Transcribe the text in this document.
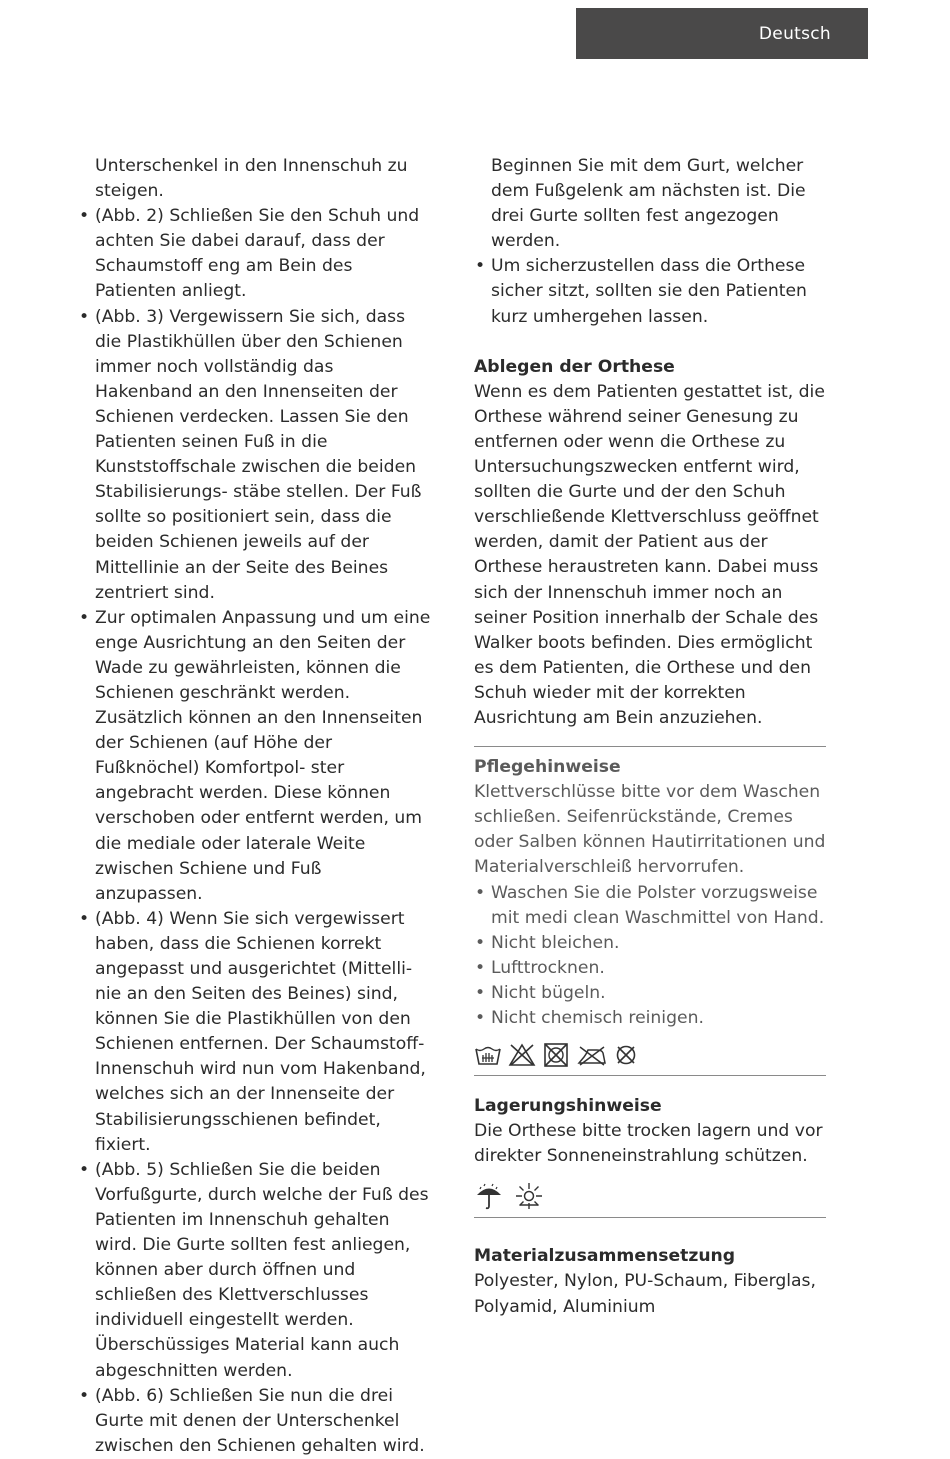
Deutsch

Unterschenkel in den Innenschuh zu steigen.

• (Abb. 2) Schließen Sie den Schuh und achten Sie dabei darauf, dass der Schaumstoff eng am Bein des Patienten anliegt.
• (Abb. 3) Vergewissern Sie sich, dass die Plastikhüllen über den Schienen immer noch vollständig das Hakenband an den Innenseiten der Schienen verdecken. Lassen Sie den Patienten seinen Fuß in die Kunststoffschale zwischen die beiden Stabilisierungs- stäbe stellen. Der Fuß sollte so positioniert sein, dass die beiden Schienen jeweils auf der Mittellinie an der Seite des Beines zentriert sind.
• Zur optimalen Anpassung und um eine enge Ausrichtung an den Seiten der Wade zu gewährleisten, können die Schienen geschränkt werden. Zusätzlich können an den Innenseiten der Schienen (auf Höhe der Fußknöchel) Komfortpol- ster angebracht werden. Diese können verschoben oder entfernt werden, um die mediale oder laterale Weite zwischen Schiene und Fuß anzupassen.
• (Abb. 4) Wenn Sie sich vergewissert haben, dass die Schienen korrekt angepasst und ausgerichtet (Mittelli- nie an den Seiten des Beines) sind, können Sie die Plastikhüllen von den Schienen entfernen. Der Schaumstoff- Innenschuh wird nun vom Hakenband, welches sich an der Innenseite der Stabilisierungsschienen befindet, fixiert.
• (Abb. 5) Schließen Sie die beiden Vorfußgurte, durch welche der Fuß des Patienten im Innenschuh gehalten wird. Die Gurte sollten fest anliegen, können aber durch öffnen und schließen des Klettverschlusses individuell eingestellt werden. Überschüssiges Material kann auch abgeschnitten werden.
• (Abb. 6) Schließen Sie nun die drei Gurte mit denen der Unterschenkel zwischen den Schienen gehalten wird.

Beginnen Sie mit dem Gurt, welcher dem Fußgelenk am nächsten ist. Die drei Gurte sollten fest angezogen werden.

• Um sicherzustellen dass die Orthese sicher sitzt, sollten sie den Patienten kurz umhergehen lassen.

Ablegen der Orthese

Wenn es dem Patienten gestattet ist, die Orthese während seiner Genesung zu entfernen oder wenn die Orthese zu Untersuchungszwecken entfernt wird, sollten die Gurte und der den Schuh verschließende Klettverschluss geöffnet werden, damit der Patient aus der Orthese heraustreten kann. Dabei muss sich der Innenschuh immer noch an seiner Position innerhalb der Schale des Walker boots befinden. Dies ermöglicht es dem Patienten, die Orthese und den Schuh wieder mit der korrekten Ausrichtung am Bein anzuziehen.

Pflegehinweise

Klettverschlüsse bitte vor dem Waschen schließen. Seifenrückstände, Cremes oder Salben können Hautirritationen und Materialverschleiß hervorrufen.

• Waschen Sie die Polster vorzugsweise mit medi clean Waschmittel von Hand.
• Nicht bleichen.
• Lufttrocknen.
• Nicht bügeln.
• Nicht chemisch reinigen.

Lagerungshinweise

Die Orthese bitte trocken lagern und vor direkter Sonneneinstrahlung schützen.

Materialzusammensetzung

Polyester, Nylon, PU-Schaum, Fiberglas, Polyamid, Aluminium
